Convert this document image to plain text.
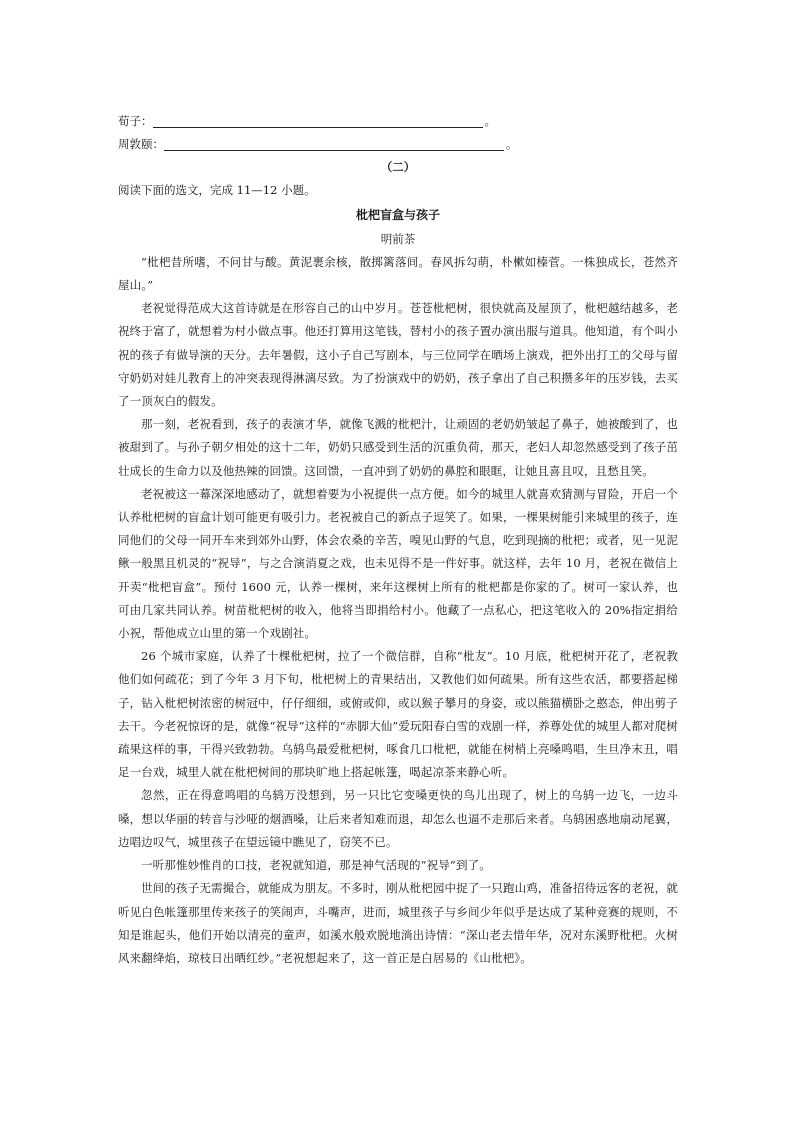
荀子：	。
周敦颐：	。
（二）
阅读下面的选文，完成 11—12 小题。
枇杷盲盒与孩子
明前茶

“枇杷昔所嗜，不问甘与酸。黄泥裹余核，散掷篱落间。春风拆勾萌，朴樕如榛菅。一株独成长，苍然齐屋山。”

老祝觉得范成大这首诗就是在形容自己的山中岁月。苍苍枇杷树，很快就高及屋顶了，枇杷越结越多，老祝终于富了，就想着为村小做点事。他还打算用这笔钱，替村小的孩子置办演出服与道具。他知道，有个叫小祝的孩子有做导演的天分。去年暑假，这小子自己写剧本，与三位同学在晒场上演戏，把外出打工的父母与留守奶奶对娃儿教育上的冲突表现得淋漓尽致。为了扮演戏中的奶奶，孩子拿出了自己积攒多年的压岁钱，去买了一顶灰白的假发。

那一刻，老祝看到，孩子的表演才华，就像飞溅的枇杷汁，让顽固的老奶奶皱起了鼻子，她被酸到了，也被甜到了。与孙子朝夕相处的这十二年，奶奶只感受到生活的沉重负荷，那天，老妇人却忽然感受到了孩子茁壮成长的生命力以及他热辣的回馈。这回馈，一直冲到了奶奶的鼻腔和眼眶，让她且喜且叹，且愁且笑。

老祝被这一幕深深地感动了，就想着要为小祝提供一点方便。如今的城里人就喜欢猜测与冒险，开启一个认养枇杷树的盲盒计划可能更有吸引力。老祝被自己的新点子逗笑了。如果，一棵果树能引来城里的孩子，连同他们的父母一同开车来到郊外山野，体会农桑的辛苦，嗅见山野的气息，吃到现摘的枇杷；或者，见一见泥鳅一般黑且机灵的“祝导”，与之合演消夏之戏，也未见得不是一件好事。就这样，去年 10 月，老祝在微信上开卖“枇杷盲盒”。预付 1600 元，认养一棵树，来年这棵树上所有的枇杷都是你家的了。树可一家认养，也可由几家共同认养。树苗枇杷树的收入，他将当即捐给村小。他藏了一点私心，把这笔收入的 20%指定捐给小祝，帮他成立山里的第一个戏剧社。

26 个城市家庭，认养了十棵枇杷树，拉了一个微信群，自称“枇友”。10 月底，枇杷树开花了，老祝教他们如何疏花；到了今年 3 月下旬，枇杷树上的青果结出，又教他们如何疏果。所有这些农活，都要搭起梯子，钻入枇杷树浓密的树冠中，仔仔细细，或俯或仰，或以猴子攀月的身姿，或以熊猫横卧之憨态，伸出剪子去干。今老祝惊讶的是，就像“祝导”这样的“赤脚大仙”爱玩阳春白雪的戏剧一样，养尊处优的城里人都对爬树疏果这样的事，干得兴致勃勃。乌鸫鸟最爱枇杷树，啄食几口枇杷，就能在树梢上亮嗓鸣唱，生旦净末丑，唱足一台戏，城里人就在枇杷树间的那块旷地上搭起帐篷，喝起凉茶来静心听。

忽然，正在得意鸣唱的乌鸫万没想到，另一只比它变嗓更快的鸟儿出现了，树上的乌鸫一边飞，一边斗嗓，想以华丽的转音与沙哑的烟酒嗓，让后来者知难而退，却怎么也逼不走那后来者。乌鸫困惑地扇动尾翼，边唱边叹气，城里孩子在望远镜中瞧见了，窃笑不已。

一听那惟妙惟肖的口技，老祝就知道，那是神气活现的“祝导”到了。

世间的孩子无需撮合，就能成为朋友。不多时，刚从枇杷园中捉了一只跑山鸡，准备招待远客的老祝，就听见白色帐篷那里传来孩子的笑闹声，斗嘴声，进而，城里孩子与乡间少年似乎是达成了某种竞赛的规则，不知是谁起头，他们开始以清亮的童声，如溪水般欢脱地淌出诗情：“深山老去惜年华，况对东溪野枇杷。火树风来翻绛焰，琼枝日出晒红纱。”老祝想起来了，这一首正是白居易的《山枇杷》。
